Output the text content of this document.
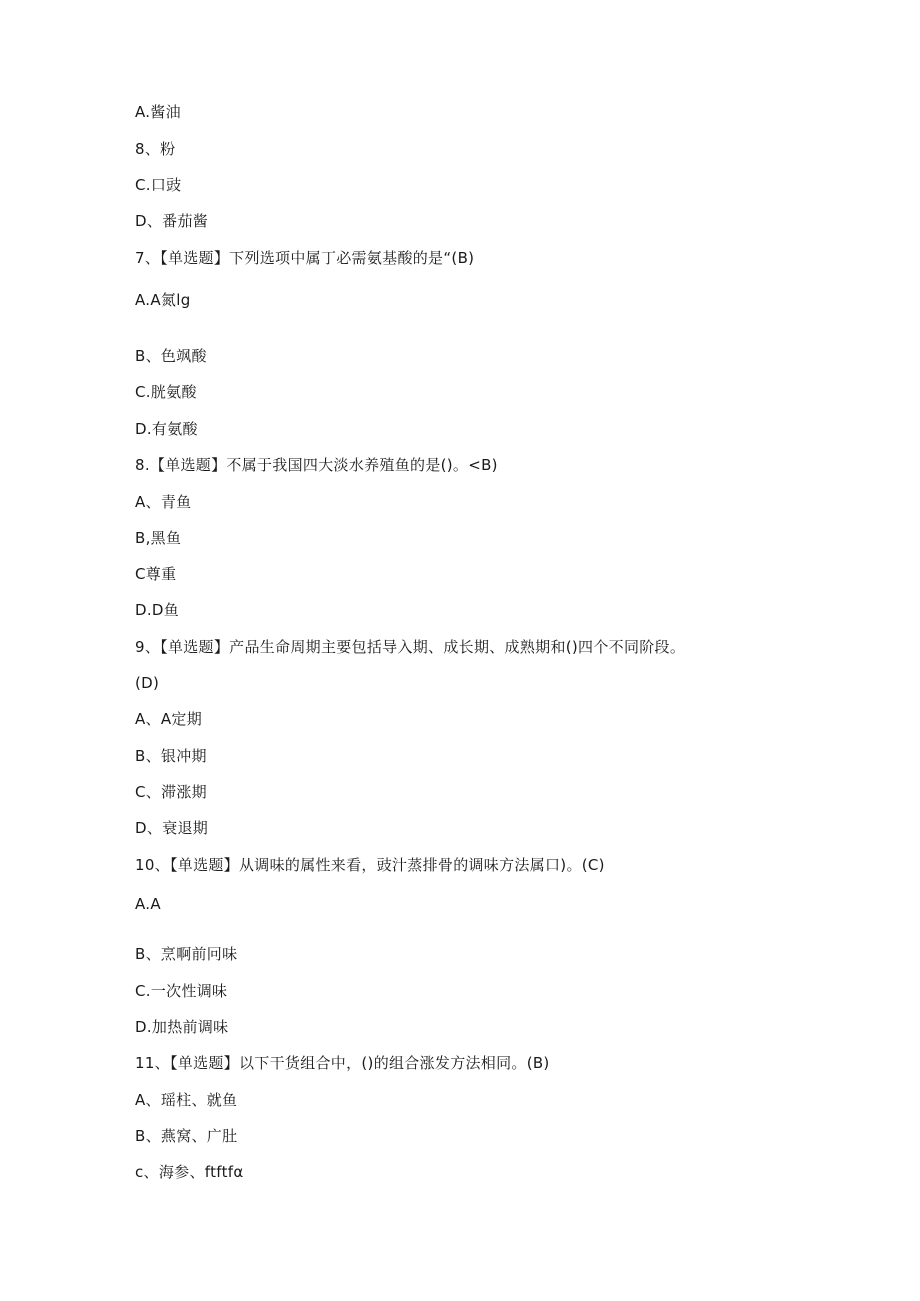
A.酱油
8、粉
C.口豉
D、番茄酱
7、【单选题】下列选项中属丁必需氨基酸的是“(B)
A.A氮lg
B、色飒酸
C.胱氨酸
D.有氨酸
8.【单选题】不属于我国四大淡水养殖鱼的是()。<B)
A、青鱼
B,黑鱼
C尊重
D.D鱼
9、【单选题】产品生命周期主要包括导入期、成长期、成熟期和()四个不同阶段。
(D)
A、A定期
B、银冲期
C、滞涨期
D、衰退期
10、【单选题】从调味的属性来看，豉汁蒸排骨的调味方法属口)。(C)
A.A
B、烹啊前冋味
C.一次性调味
D.加热前调味
11、【单选题】以下干货组合中，()的组合涨发方法相同。(B)
A、瑶柱、就鱼
B、燕窝、广肚
c、海参、ftftfα
